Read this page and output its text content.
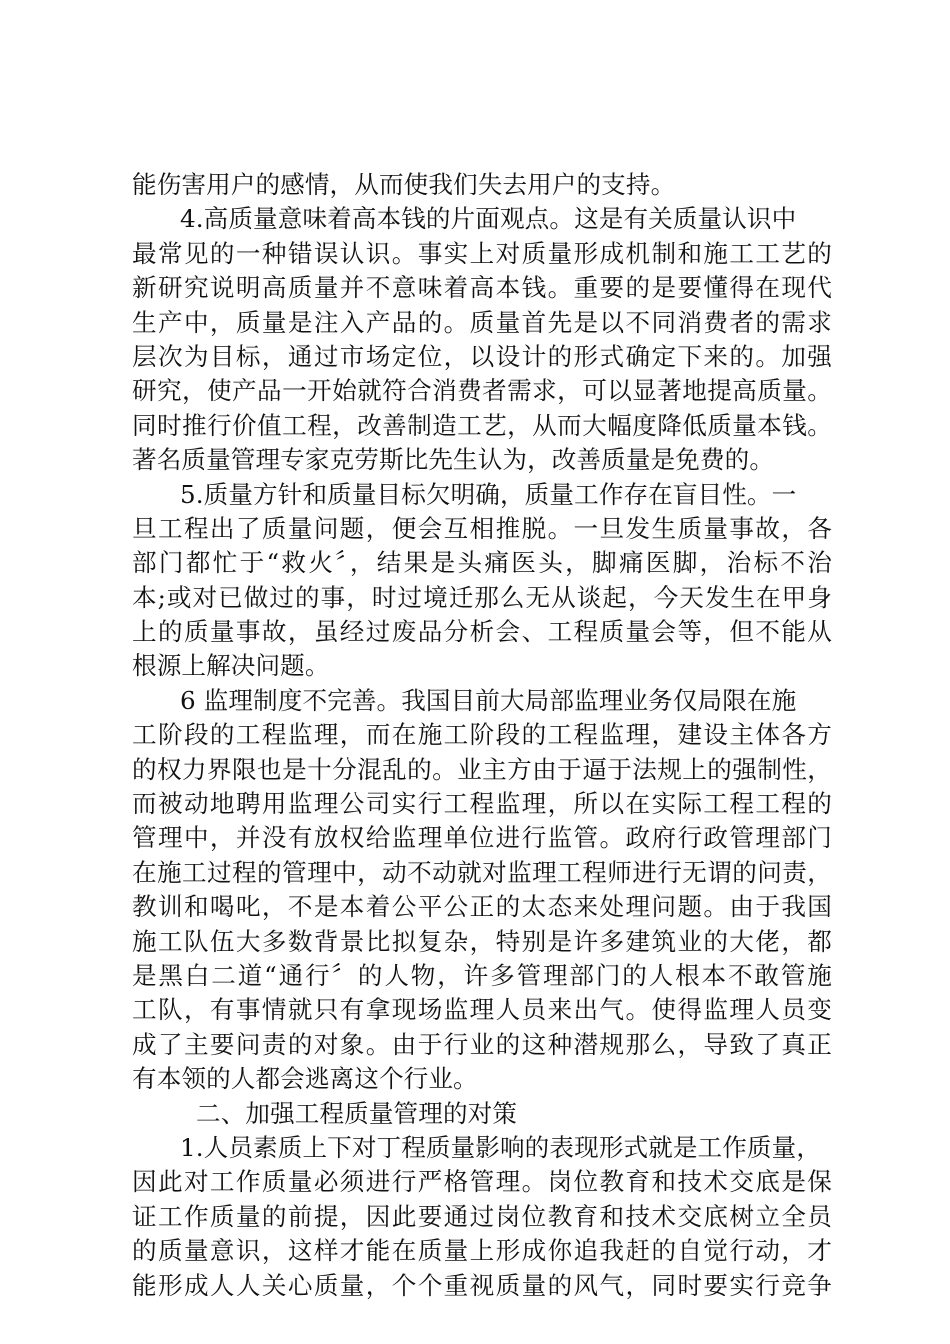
能伤害用户的感情，从而使我们失去用户的支持。
4.高质量意味着高本钱的片面观点。这是有关质量认识中
最常见的一种错误认识。事实上对质量形成机制和施工工艺的
新研究说明高质量并不意味着高本钱。重要的是要懂得在现代
生产中，质量是注入产品的。质量首先是以不同消费者的需求
层次为目标，通过市场定位，以设计的形式确定下来的。加强
研究，使产品一开始就符合消费者需求，可以显著地提高质量。
同时推行价值工程，改善制造工艺，从而大幅度降低质量本钱。
著名质量管理专家克劳斯比先生认为，改善质量是免费的。
5.质量方针和质量目标欠明确，质量工作存在盲目性。一
旦工程出了质量问题，便会互相推脱。一旦发生质量事故，各
部门都忙于“救火〞，结果是头痛医头，脚痛医脚，治标不治
本;或对已做过的事，时过境迁那么无从谈起，今天发生在甲身
上的质量事故，虽经过废品分析会、工程质量会等，但不能从
根源上解决问题。
6 监理制度不完善。我国目前大局部监理业务仅局限在施
工阶段的工程监理，而在施工阶段的工程监理，建设主体各方
的权力界限也是十分混乱的。业主方由于逼于法规上的强制性，
而被动地聘用监理公司实行工程监理，所以在实际工程工程的
管理中，并没有放权给监理单位进行监管。政府行政管理部门
在施工过程的管理中，动不动就对监理工程师进行无谓的问责，
教训和喝叱，不是本着公平公正的太态来处理问题。由于我国
施工队伍大多数背景比拟复杂，特别是许多建筑业的大佬，都
是黑白二道“通行〞的人物，许多管理部门的人根本不敢管施
工队，有事情就只有拿现场监理人员来出气。使得监理人员变
成了主要问责的对象。由于行业的这种潜规那么，导致了真正
有本领的人都会逃离这个行业。
二、加强工程质量管理的对策
1.人员素质上下对丁程质量影响的表现形式就是工作质量，
因此对工作质量必须进行严格管理。岗位教育和技术交底是保
证工作质量的前提，因此要通过岗位教育和技术交底树立全员
的质量意识，这样才能在质量上形成你追我赶的自觉行动，才
能形成人人关心质量，个个重视质量的风气，同时要实行竞争
